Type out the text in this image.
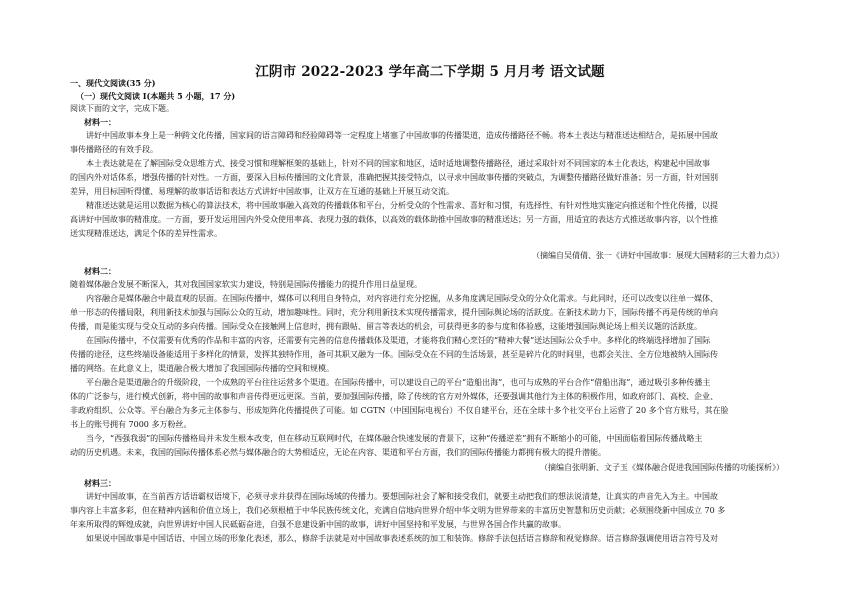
江阴市 2022-2023 学年高二下学期 5 月月考 语文试题
一、现代文阅读(35 分)
（一）现代文阅读 I(本题共 5 小题，17 分)
阅读下面的文字，完成下题。
材料一：
讲好中国故事本身上是一种跨文化传播，国家间的语言障碍和经验障碍等一定程度上堵塞了中国故事的传播渠道，造成传播路径不畅。将本土表达与精准送达相结合，是拓展中国故
事传播路径的有效手段。
本土表达就是在了解国际受众思维方式、接受习惯和理解框架的基础上，针对不同的国家和地区，适时适地调整传播路径，通过采取针对不同国家的本土化表达，构建起中国故事
的国内外对话体系，增强传播的针对性。一方面，要深入目标传播国的文化背景，准确把握其接受特点，以寻求中国故事传播的突破点，为调整传播路径做好准备；另一方面，针对国别
差异，用目标国听得懂、易理解的故事话语和表达方式讲好中国故事，让双方在互通的基础上开展互动交流。
精准送达就是运用以数据为核心的算法技术，将中国故事融入高效的传播载体和平台，分析受众的个性需求、喜好和习惯，有选择性、有针对性地实施定向推送和个性化传播，以提
高讲好中国故事的精准度。一方面，要开发运用国内外受众使用率高、表现力强的载体，以高效的载体助推中国故事的精准送达；另一方面，用适宜的表达方式推送故事内容，以个性推
送实现精准送达，满足个体的差异性需求。
（摘编自吴倩倩、张一《讲好中国故事：展现大国精彩的三大着力点》）
材料二：
随着媒体融合发展不断深入，其对我国国家软实力建设，特别是国际传播能力的提升作用日益显现。
内容融合是媒体融合中最直观的层面。在国际传播中，媒体可以利用自身特点，对内容进行充分挖掘，从多角度满足国际受众的分众化需求。与此同时，还可以改变以往单一媒体、
单一形态的传播局限，利用新技术加强与国际公众的互动，增加趣味性。同时，充分利用新技术实现传播需求，提升国际舆论场的活跃度。在新技术助力下，国际传播不再是传统的单向
传播，而是能实现与受众互动的多向传播。国际受众在接触网上信息时，拥有跟帖、留言等表达的机会，可获得更多的参与度和体验感，这能增强国际舆论场上相关议题的活跃度。
在国际传播中，不仅需要有优秀的作品和丰富的内容，还需要有完善的信息传播载体及渠道，才能将我们精心烹饪的“精神大餐”送达国际公众手中。多样化的终端选择增加了国际
传播的途径，这些终端设备能适用于多样化的情景，发挥其独特作用，备可其职又融为一体。国际受众在不同的生活场景，甚至是碎片化的时间里，也都会关注、全方位地被纳入国际传
播的网络。在此意义上，渠道融合极大增加了我国国际传播的空间和规模。
平台融合是渠道融合的升级阶段，一个成熟的平台往往运营多个渠道。在国际传播中，可以建设自己的平台“造船出海”，也可与成熟的平台合作“借船出海”，通过吸引多种传播主
体的广泛参与，进行模式创新，将中国的故事和声音传得更远更深。当前，要加强国际传播，除了传统的官方对外媒体，还要强调其他行为主体的积极作用，如政府部门、高校、企业、
非政府组织、公众等。平台融合为多元主体参与、形成矩阵化传播提供了可能。如 CGTN（中国国际电视台）不仅自建平台，还在全球十多个社交平台上运营了 20 多个官方账号，其在脸
书上的账号拥有 7000 多万粉丝。
当今，“西强我弱”的国际传播格局并未发生根本改变，但在移动互联网时代，在媒体融合快速发展的背景下，这种“传播逆差”拥有不断缩小的可能，中国面临着国际传播战略主
动的历史机遇。未来，我国的国际传播体系必然与媒体融合的大势相适应，无论在内容、渠道和平台方面，我们的国际传播能力都拥有极大的提升潜能。
（摘编自张明新、文子玉《媒体融合促进我国国际传播的功能探析》）
材料三：
讲好中国故事，在当前西方话语霸权语境下，必须寻求并获得在国际场域的传播力。要想国际社会了解和接受我们，就要主动把我们的想法说清楚，让真实的声音先入为主。中国故
事内容上丰富多彩，但在精神内涵和价值立场上，我们必须根植于中华民族传统文化，充满自信地向世界介绍中华文明为世界带来的丰富历史智慧和历史贡献；必须围绕新中国成立 70 多
年来所取得的辉煌成就，向世界讲好中国人民砥砺奋进，自强不息建设新中国的故事，讲好中国坚持和平发展，与世界各国合作共赢的故事。
如果说中国故事是中国话语、中国立场的形象化表述，那么，修辞手法就是对中国故事表述系统的加工和装饰。修辞手法包括语言修辞和视觉修辞。语言修辞强调使用语言符号及对
